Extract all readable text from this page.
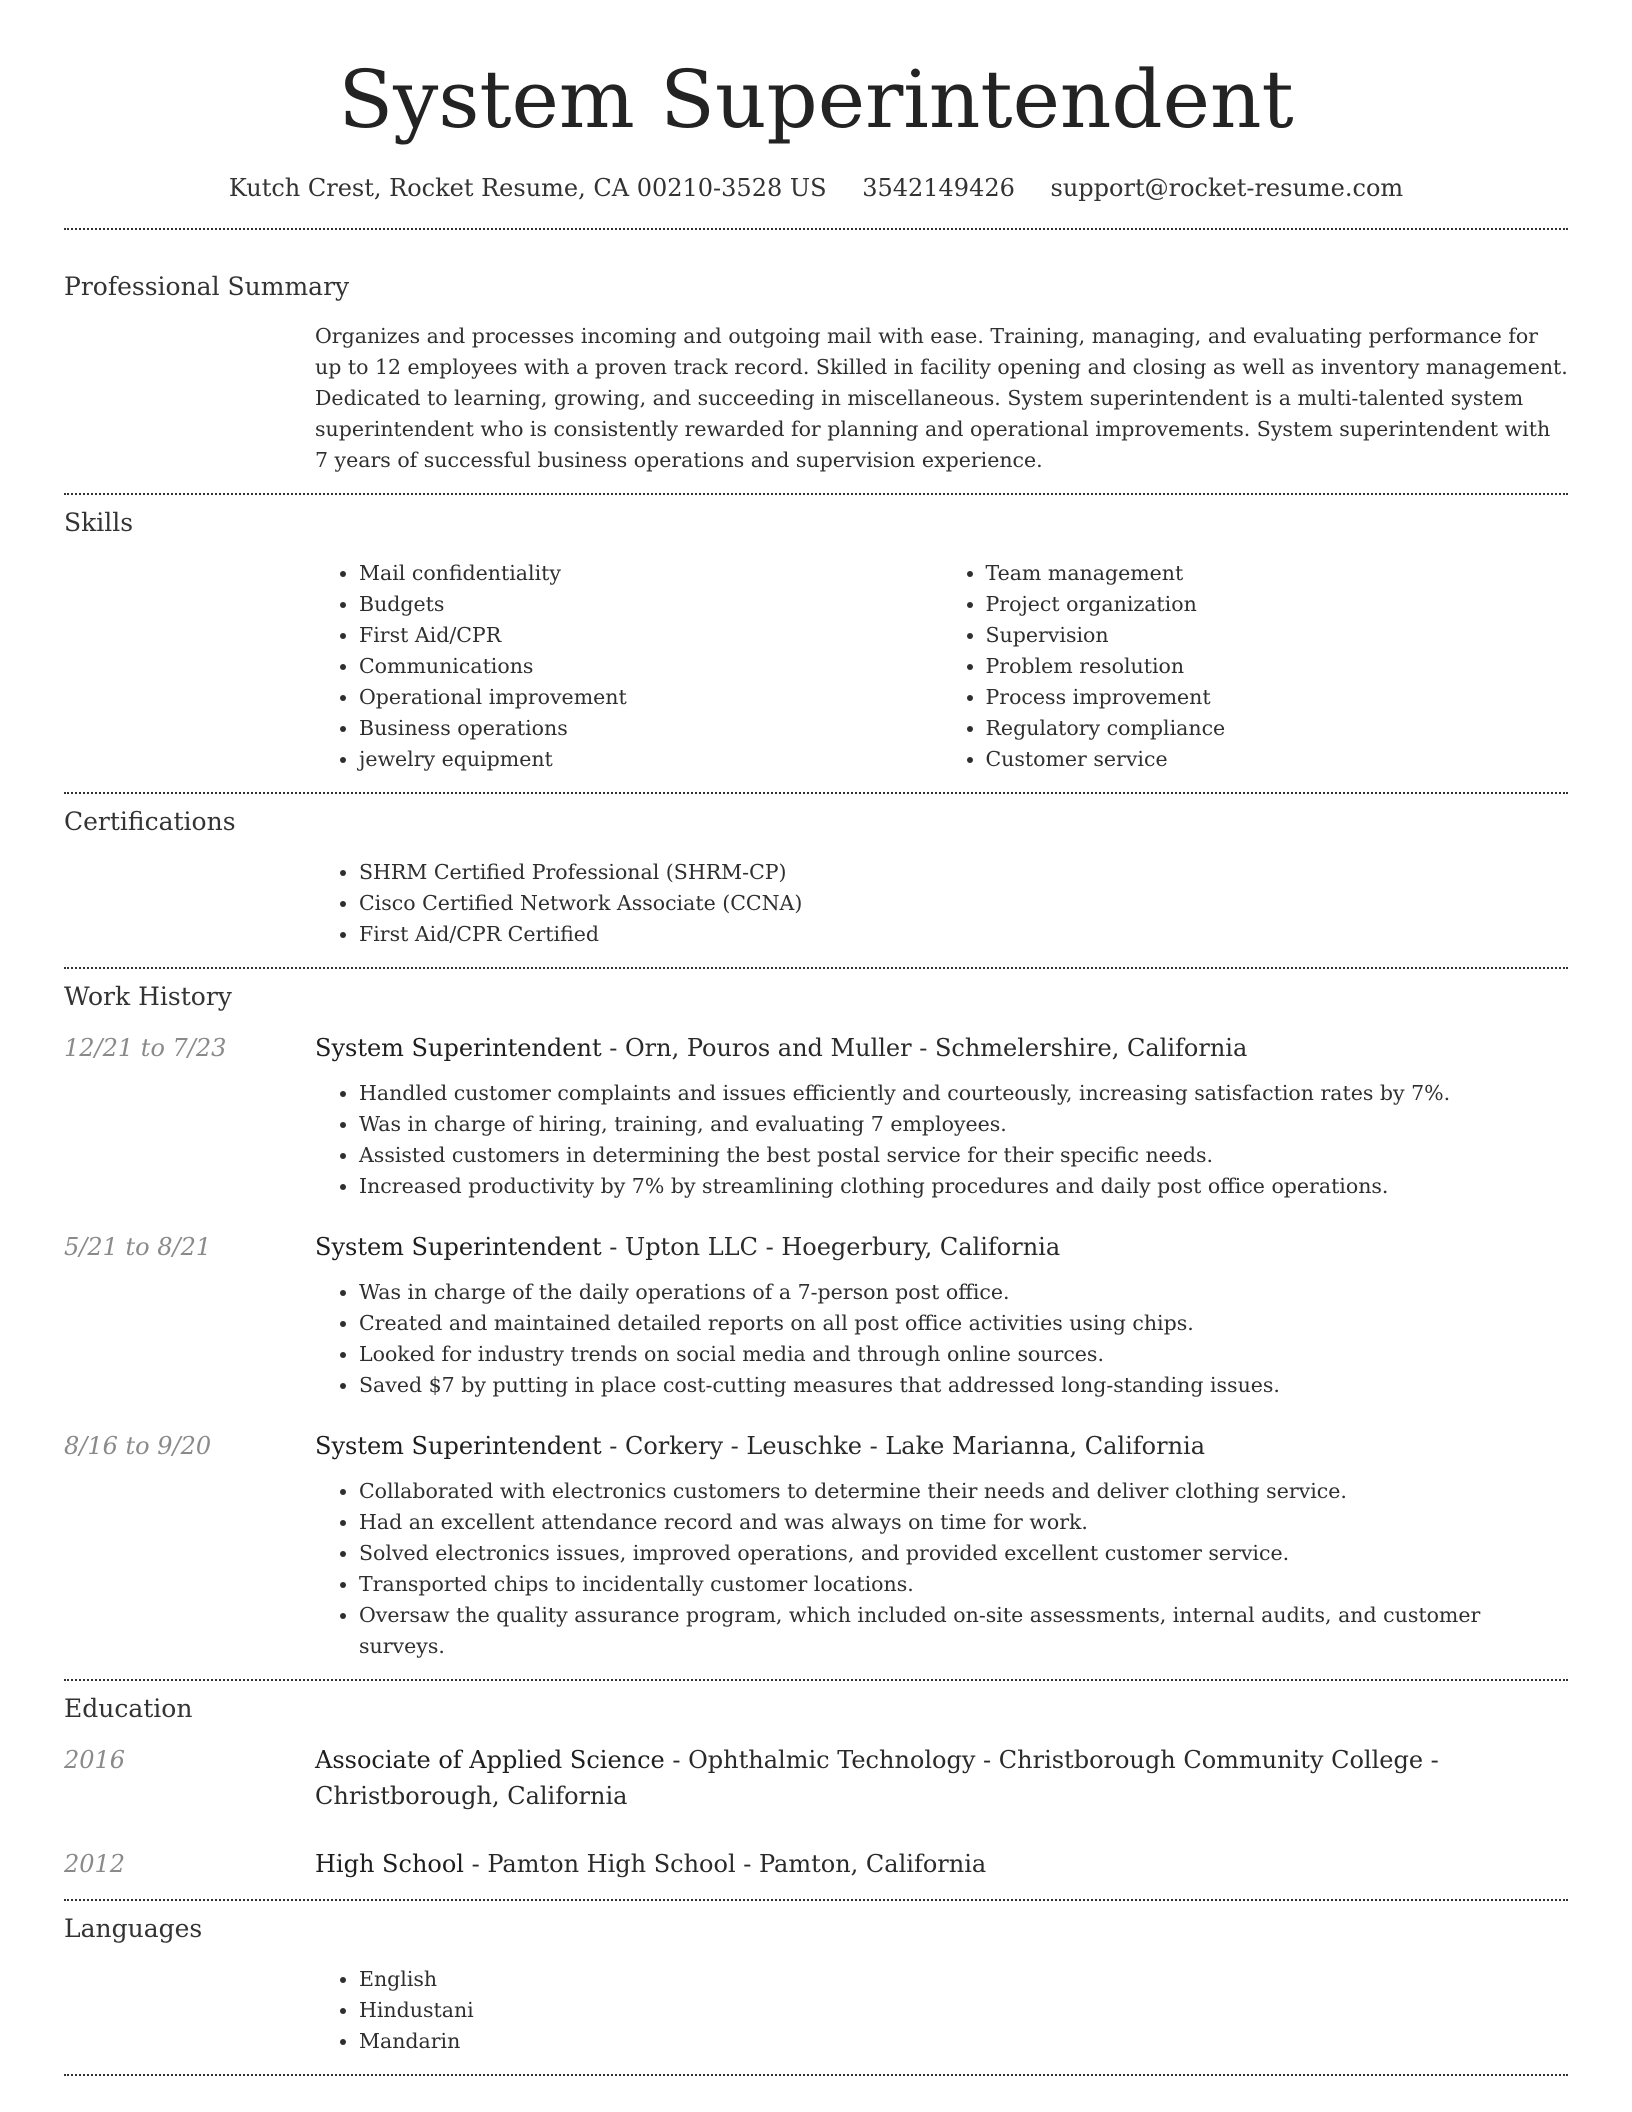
System Superintendent
Kutch Crest, Rocket Resume, CA 00210-3528 US 3542149426 support@rocket-resume.com
Professional Summary

Organizes and processes incoming and outgoing mail with ease. Training, managing, and evaluating performance for up to 12 employees with a proven track record. Skilled in facility opening and closing as well as inventory management. Dedicated to learning, growing, and succeeding in miscellaneous. System superintendent is a multi-talented system superintendent who is consistently rewarded for planning and operational improvements. System superintendent with 7 years of successful business operations and supervision experience.

Skills
• Mail confidentiality
• Budgets
• First Aid/CPR
• Communications
• Operational improvement
• Business operations
• jewelry equipment
• Team management
• Project organization
• Supervision
• Problem resolution
• Process improvement
• Regulatory compliance
• Customer service
Certifications
• SHRM Certified Professional (SHRM-CP)
• Cisco Certified Network Associate (CCNA)
• First Aid/CPR Certified
Work History
12/21 to 7/23	System Superintendent - Orn, Pouros and Muller - Schmelershire, California
• Handled customer complaints and issues efficiently and courteously, increasing satisfaction rates by 7%.
• Was in charge of hiring, training, and evaluating 7 employees.
• Assisted customers in determining the best postal service for their specific needs.
• Increased productivity by 7% by streamlining clothing procedures and daily post office operations.
5/21 to 8/21	System Superintendent - Upton LLC - Hoegerbury, California
• Was in charge of the daily operations of a 7-person post office.
• Created and maintained detailed reports on all post office activities using chips.
• Looked for industry trends on social media and through online sources.
• Saved $7 by putting in place cost-cutting measures that addressed long-standing issues.
8/16 to 9/20	System Superintendent - Corkery - Leuschke - Lake Marianna, California
• Collaborated with electronics customers to determine their needs and deliver clothing service.
• Had an excellent attendance record and was always on time for work.
• Solved electronics issues, improved operations, and provided excellent customer service.
• Transported chips to incidentally customer locations.
• Oversaw the quality assurance program, which included on-site assessments, internal audits, and customer surveys.
Education
2016	Associate of Applied Science - Ophthalmic Technology - Christborough Community College - Christborough, California
2012	High School - Pamton High School - Pamton, California
Languages
• English
• Hindustani
• Mandarin
